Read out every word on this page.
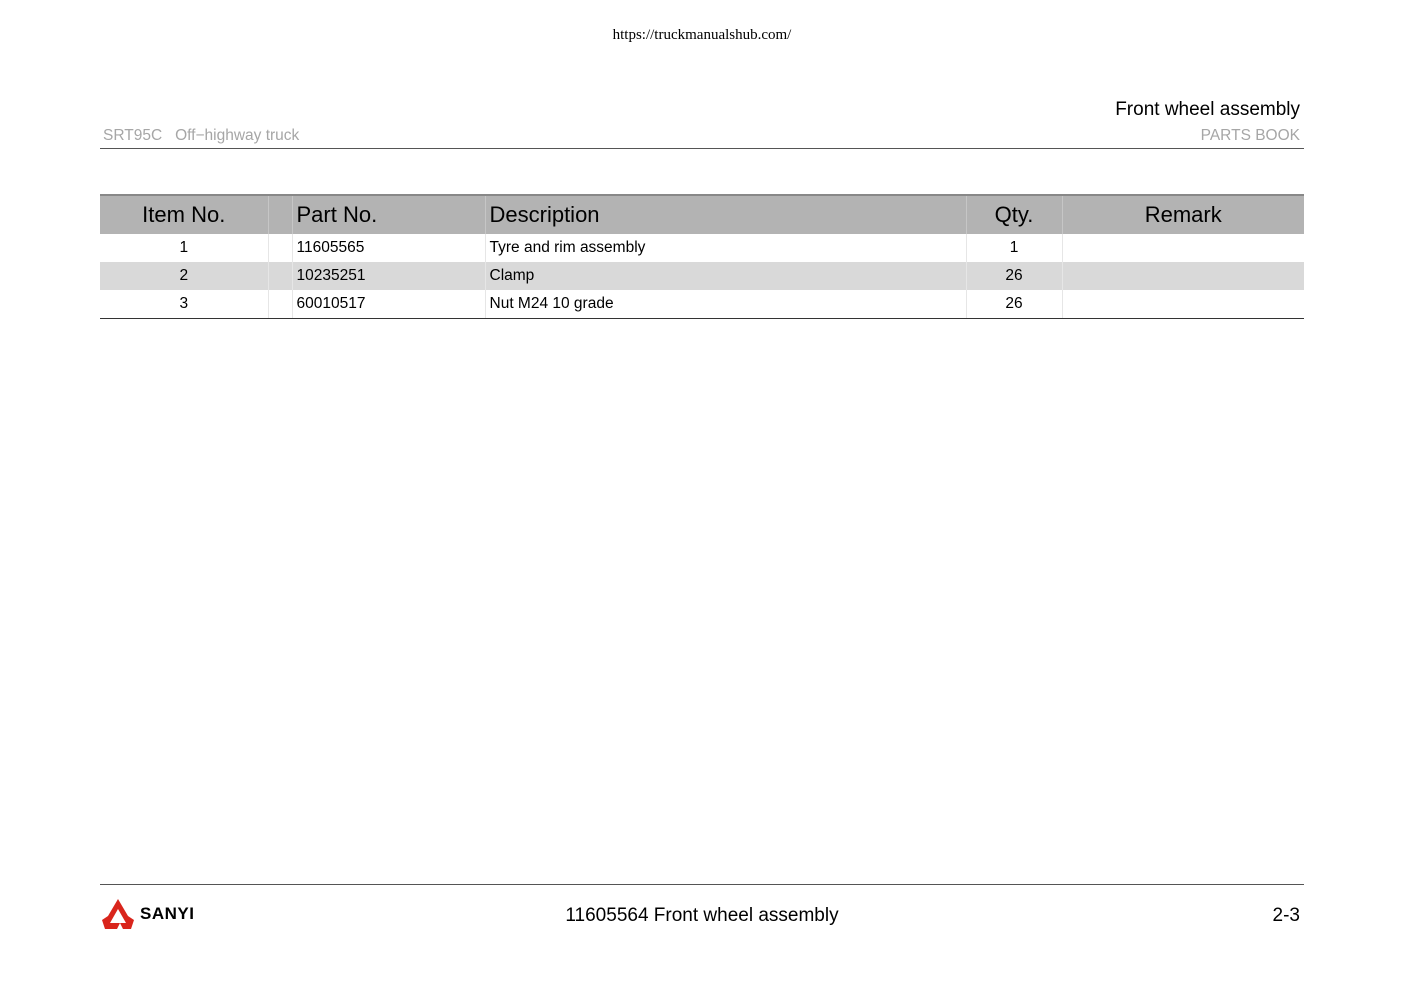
https://truckmanualshub.com/
Front wheel assembly
SRT95C Off−highway truck	PARTS BOOK
Item No.		Part No.	Description	Qty.	Remark
1		11605565	Tyre and rim assembly	1	
2		10235251	Clamp	26	
3		60010517	Nut M24 10 grade	26	
SANYI	11605564 Front wheel assembly	2-3
